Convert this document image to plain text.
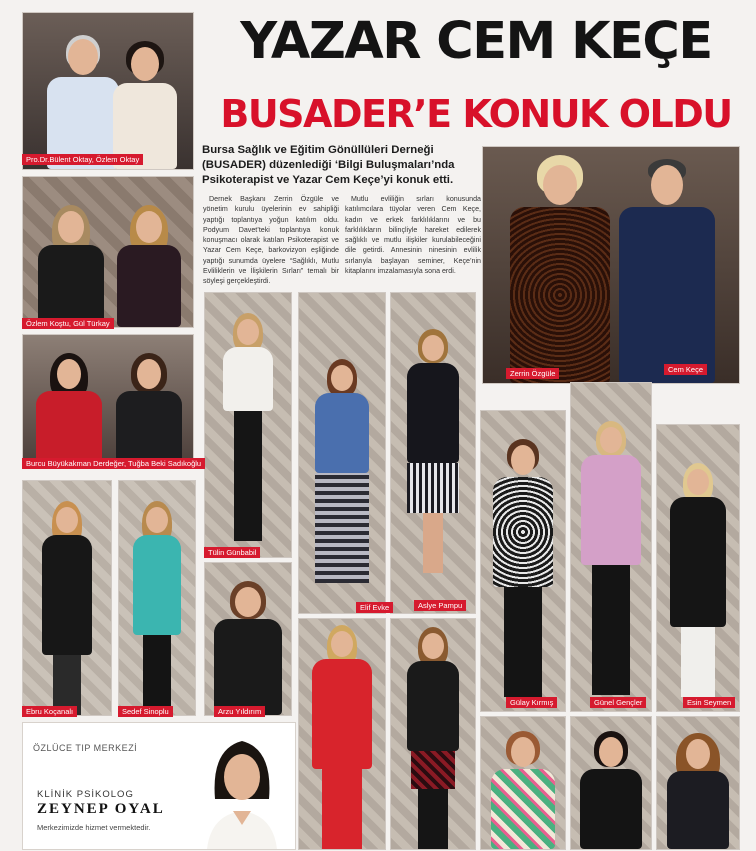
YAZAR CEM KEÇE
BUSADER’E KONUK OLDU
Bursa Sağlık ve Eğitim Gönüllüleri Derneği (BUSADER) düzenlediği ‘Bilgi Buluşmaları’nda Psikoterapist ve Yazar Cem Keçe’yi konuk etti.

Dernek Başkanı Zerrin Özgüle ve yönetim kurulu üyelerinin ev sahipliği yaptığı toplantıya yoğun katılım oldu. Podyum Davet’teki toplantıya konuk konuşmacı olarak katılan Psikoterapist ve Yazar Cem Keçe, barkovizyon eşliğinde yaptığı sunumda üyelere “Sağlıklı, Mutlu Evliliklerin ve İlişkilerin Sırları” temalı bir söyleşi gerçekleştirdi.

Mutlu evliliğin sırları konusunda katılımcılara tüyolar veren Cem Keçe, kadın ve erkek farklılıklarını ve bu farklılıkların bilinçliyle hareket edilerek sağlıklı ve mutlu ilişkiler kurulabileceğini dile getirdi. Annesinin ninesinin evlilik sırlarıyla başlayan seminer, Keçe’nin kitaplarını imzalamasıyla sona erdi.

Pro.Dr.Bülent Oktay, Özlem Oktay
Özlem Koştu, Gül Türkay
Burcu Büyükakman Derdeğer, Tuğba Beki Sadıkoğlu
Ebru Koçanalı	Sedef Sinoplu
Tülin Günbabil
Elif Evke	Aslye Pampu
Arzu Yıldırım
Zerrin Özgüle	Cem Keçe
Gülay Kırmış	Günel Gençler	Esin Seymen
ÖZLÜCE TIP MERKEZİ
KLİNİK PSİKOLOG
ZEYNEP OYAL
Merkezimizde hizmet vermektedir.
